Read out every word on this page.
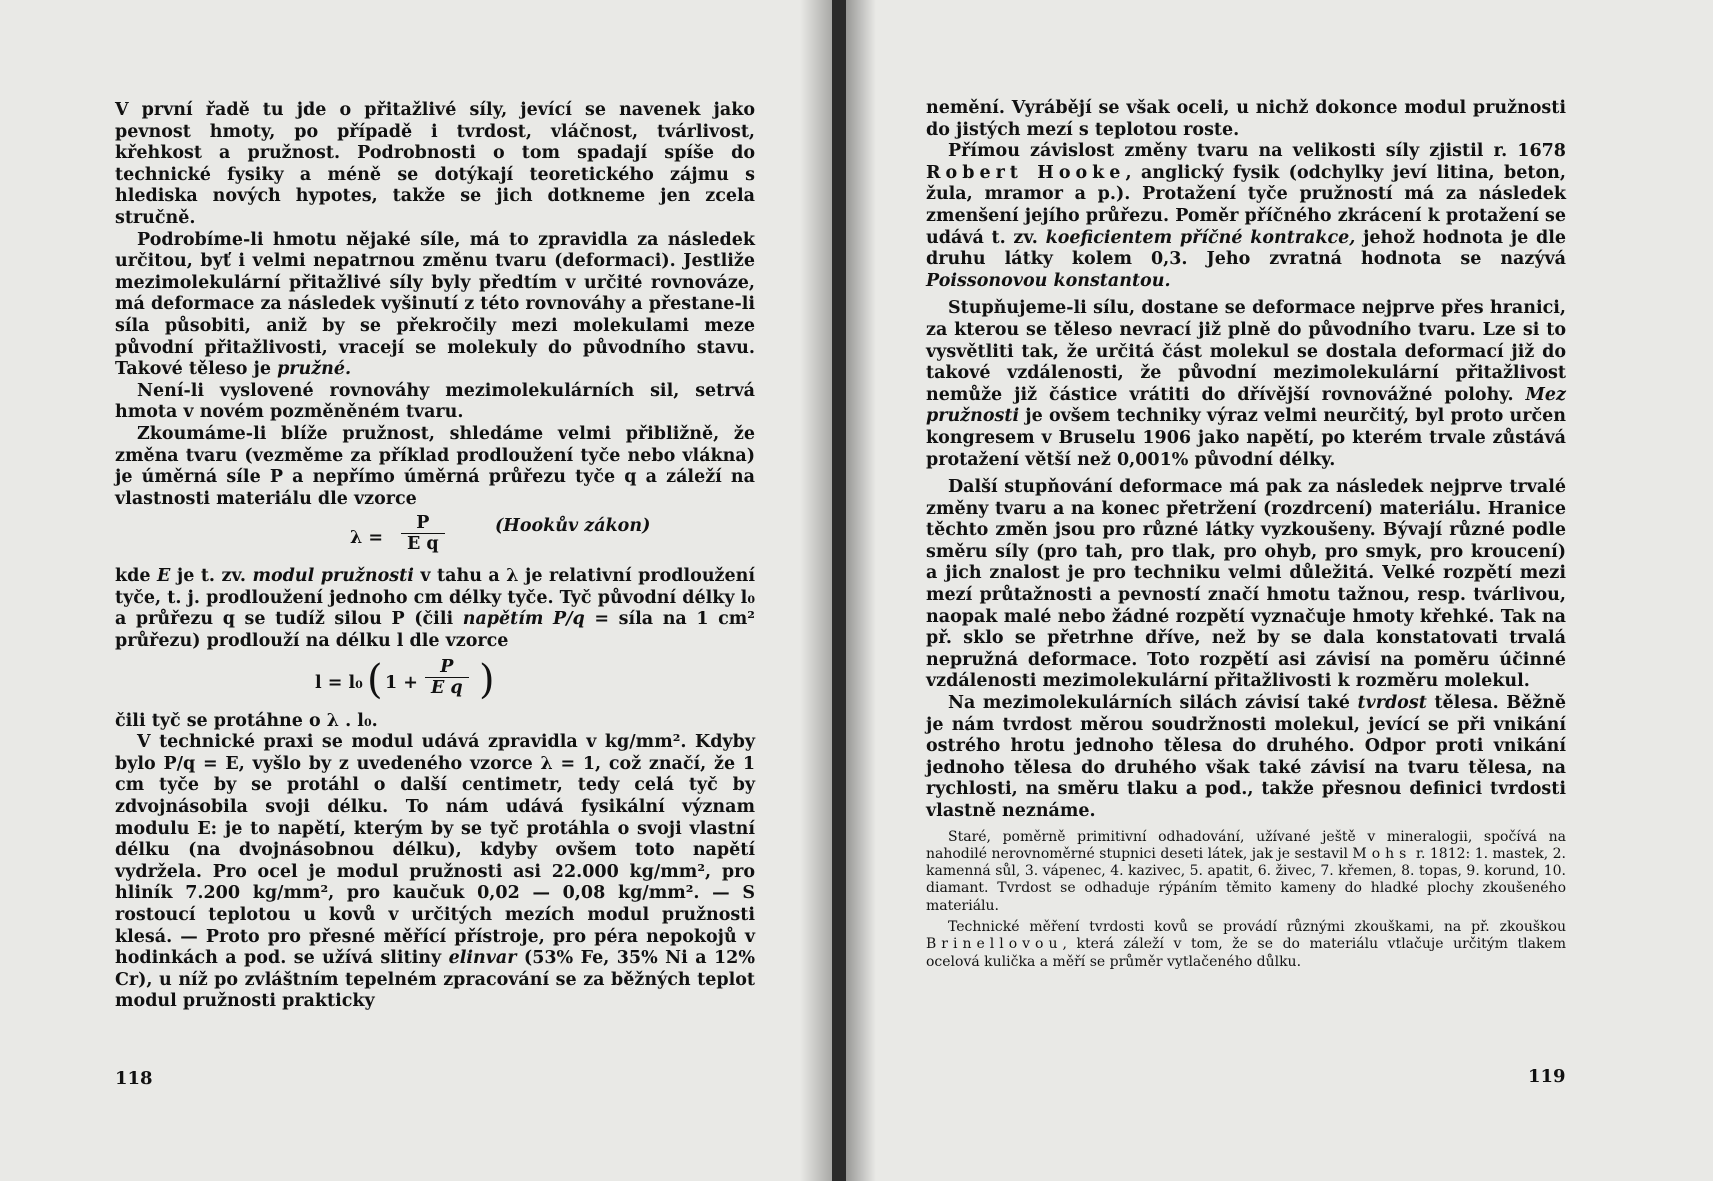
V první řadě tu jde o přitažlivé síly, jevící se navenek jako pevnost hmoty, po případě i tvrdost, vláčnost, tvárlivost, křehkost a pružnost. Podrobnosti o tom spadají spíše do technické fysiky a méně se dotýkají teoretického zájmu s hlediska nových hypotes, takže se jich dotkneme jen zcela stručně.

Podrobíme-li hmotu nějaké síle, má to zpravidla za následek určitou, byť i velmi nepatrnou změnu tvaru (deformaci). Jestliže mezimolekulární přitažlivé síly byly předtím v určité rovnováze, má deformace za následek vyšinutí z této rovnováhy a přestane-li síla působiti, aniž by se překročily mezi molekulami meze původní přitažlivosti, vracejí se molekuly do původního stavu. Takové těleso je pružné.

Není-li vyslovené rovnováhy mezimolekulárních sil, setrvá hmota v novém pozměněném tvaru.

Zkoumáme-li blíže pružnost, shledáme velmi přibližně, že změna tvaru (vezměme za příklad prodloužení tyče nebo vlákna) je úměrná síle P a nepřímo úměrná průřezu tyče q a záleží na vlastnosti materiálu dle vzorce

$\lambda = \frac{P}{\text{E q}}$	(Hookův zákon)

kde E je t. zv. modul pružnosti v tahu a λ je relativní prodloužení tyče, t. j. prodloužení jednoho cm délky tyče. Tyč původní délky l₀ a průřezu q se tudíž silou P (čili napětím P/q = síla na 1 cm² průřezu) prodlouží na délku l dle vzorce

l = l₀ ( $1 + \frac{P}{\text{E q}}$ )

čili tyč se protáhne o λ . l₀.

V technické praxi se modul udává zpravidla v kg/mm². Kdyby bylo P/q = E, vyšlo by z uvedeného vzorce λ = 1, což značí, že 1 cm tyče by se protáhl o další centimetr, tedy celá tyč by zdvojnásobila svoji délku. To nám udává fysikální význam modulu E: je to napětí, kterým by se tyč protáhla o svoji vlastní délku (na dvojnásobnou délku), kdyby ovšem toto napětí vydržela. Pro ocel je modul pružnosti asi 22.000 kg/mm², pro hliník 7.200 kg/mm², pro kaučuk 0,02 — 0,08 kg/mm². — S rostoucí teplotou u kovů v určitých mezích modul pružnosti klesá. — Proto pro přesné měřící přístroje, pro péra nepokojů v hodinkách a pod. se užívá slitiny elinvar (53% Fe, 35% Ni a 12% Cr), u níž po zvláštním tepelném zpracování se za běžných teplot modul pružnosti prakticky

118

nemění. Vyrábějí se však oceli, u nichž dokonce modul pružnosti do jistých mezí s teplotou roste.

Přímou závislost změny tvaru na velikosti síly zjistil r. 1678 Robert Hooke, anglický fysik (odchylky jeví litina, beton, žula, mramor a p.). Protažení tyče pružností má za následek zmenšení jejího průřezu. Poměr příčného zkrácení k protažení se udává t. zv. koeficientem příčné kontrakce, jehož hodnota je dle druhu látky kolem 0,3. Jeho zvratná hodnota se nazývá Poissonovou konstantou.

Stupňujeme-li sílu, dostane se deformace nejprve přes hranici, za kterou se těleso nevrací již plně do původního tvaru. Lze si to vysvětliti tak, že určitá část molekul se dostala deformací již do takové vzdálenosti, že původní mezimolekulární přitažlivost nemůže již částice vrátiti do dřívější rovnovážné polohy. Mez pružnosti je ovšem techniky výraz velmi neurčitý, byl proto určen kongresem v Bruselu 1906 jako napětí, po kterém trvale zůstává protažení větší než 0,001% původní délky.

Další stupňování deformace má pak za následek nejprve trvalé změny tvaru a na konec přetržení (rozdrcení) materiálu. Hranice těchto změn jsou pro různé látky vyzkoušeny. Bývají různé podle směru síly (pro tah, pro tlak, pro ohyb, pro smyk, pro kroucení) a jich znalost je pro techniku velmi důležitá. Velké rozpětí mezi mezí průtažnosti a pevností značí hmotu tažnou, resp. tvárlivou, naopak malé nebo žádné rozpětí vyznačuje hmoty křehké. Tak na př. sklo se přetrhne dříve, než by se dala konstatovati trvalá nepružná deformace. Toto rozpětí asi závisí na poměru účinné vzdálenosti mezimolekulární přitažlivosti k rozměru molekul.

Na mezimolekulárních silách závisí také tvrdost tělesa. Běžně je nám tvrdost měrou soudržnosti molekul, jevící se při vnikání ostrého hrotu jednoho tělesa do druhého. Odpor proti vnikání jednoho tělesa do druhého však také závisí na tvaru tělesa, na rychlosti, na směru tlaku a pod., takže přesnou definici tvrdosti vlastně neznáme.

Staré, poměrně primitivní odhadování, užívané ještě v mineralogii, spočívá na nahodilé nerovnoměrné stupnici deseti látek, jak je sestavil Mohs r. 1812: 1. mastek, 2. kamenná sůl, 3. vápenec, 4. kazivec, 5. apatit, 6. živec, 7. křemen, 8. topas, 9. korund, 10. diamant. Tvrdost se odhaduje rýpáním těmito kameny do hladké plochy zkoušeného materiálu.

Technické měření tvrdosti kovů se provádí různými zkouškami, na př. zkouškou Brinellovou, která záleží v tom, že se do materiálu vtlačuje určitým tlakem ocelová kulička a měří se průměr vytlačeného důlku.

119
